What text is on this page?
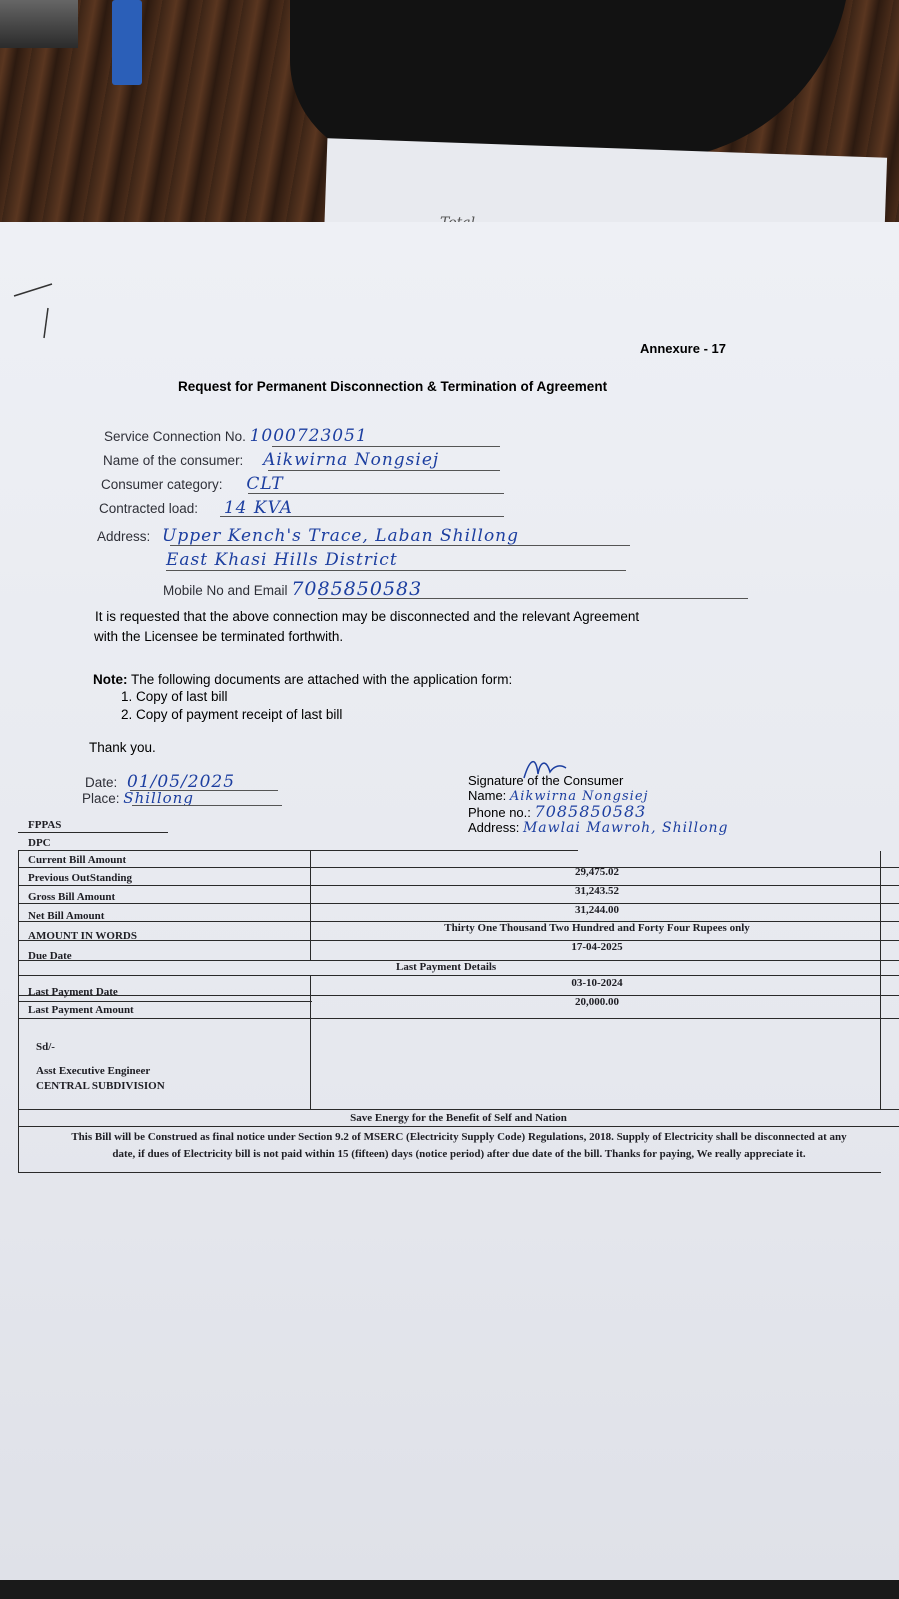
Annexure - 17
Request for Permanent Disconnection & Termination of Agreement
Service Connection No. 1000723051
Name of the consumer: Aikwirna Nongsiej
Consumer category: CLT
Contracted load: 14 KVA
Address: Upper Kench's Trace, Laban Shillong
East Khasi Hills District
Mobile No and Email 7085850583
It is requested that the above connection may be disconnected and the relevant Agreement
with the Licensee be terminated forthwith.
Note: The following documents are attached with the application form:
1. Copy of last bill
2. Copy of payment receipt of last bill
Thank you.
Date: 01/05/2025
Place: Shillong
Signature of the Consumer
Name: Aikwirna Nongsiej
Phone no.: 7085850583
Address: Mawlai Mawroh, Shillong
FPPAS
DPC
Current Bill Amount
29,475.02
Previous OutStanding
31,243.52
Gross Bill Amount
31,244.00
Net Bill Amount
Thirty One Thousand Two Hundred and Forty Four Rupees only
AMOUNT IN WORDS
17-04-2025
Due Date
Last Payment Details
03-10-2024
Last Payment Date
20,000.00
Last Payment Amount
Sd/-
Asst Executive Engineer
CENTRAL SUBDIVISION
Save Energy for the Benefit of Self and Nation
This Bill will be Construed as final notice under Section 9.2 of MSERC (Electricity Supply Code) Regulations, 2018. Supply of Electricity shall be disconnected at any
date, if dues of Electricity bill is not paid within 15 (fifteen) days (notice period) after due date of the bill. Thanks for paying, We really appreciate it.
